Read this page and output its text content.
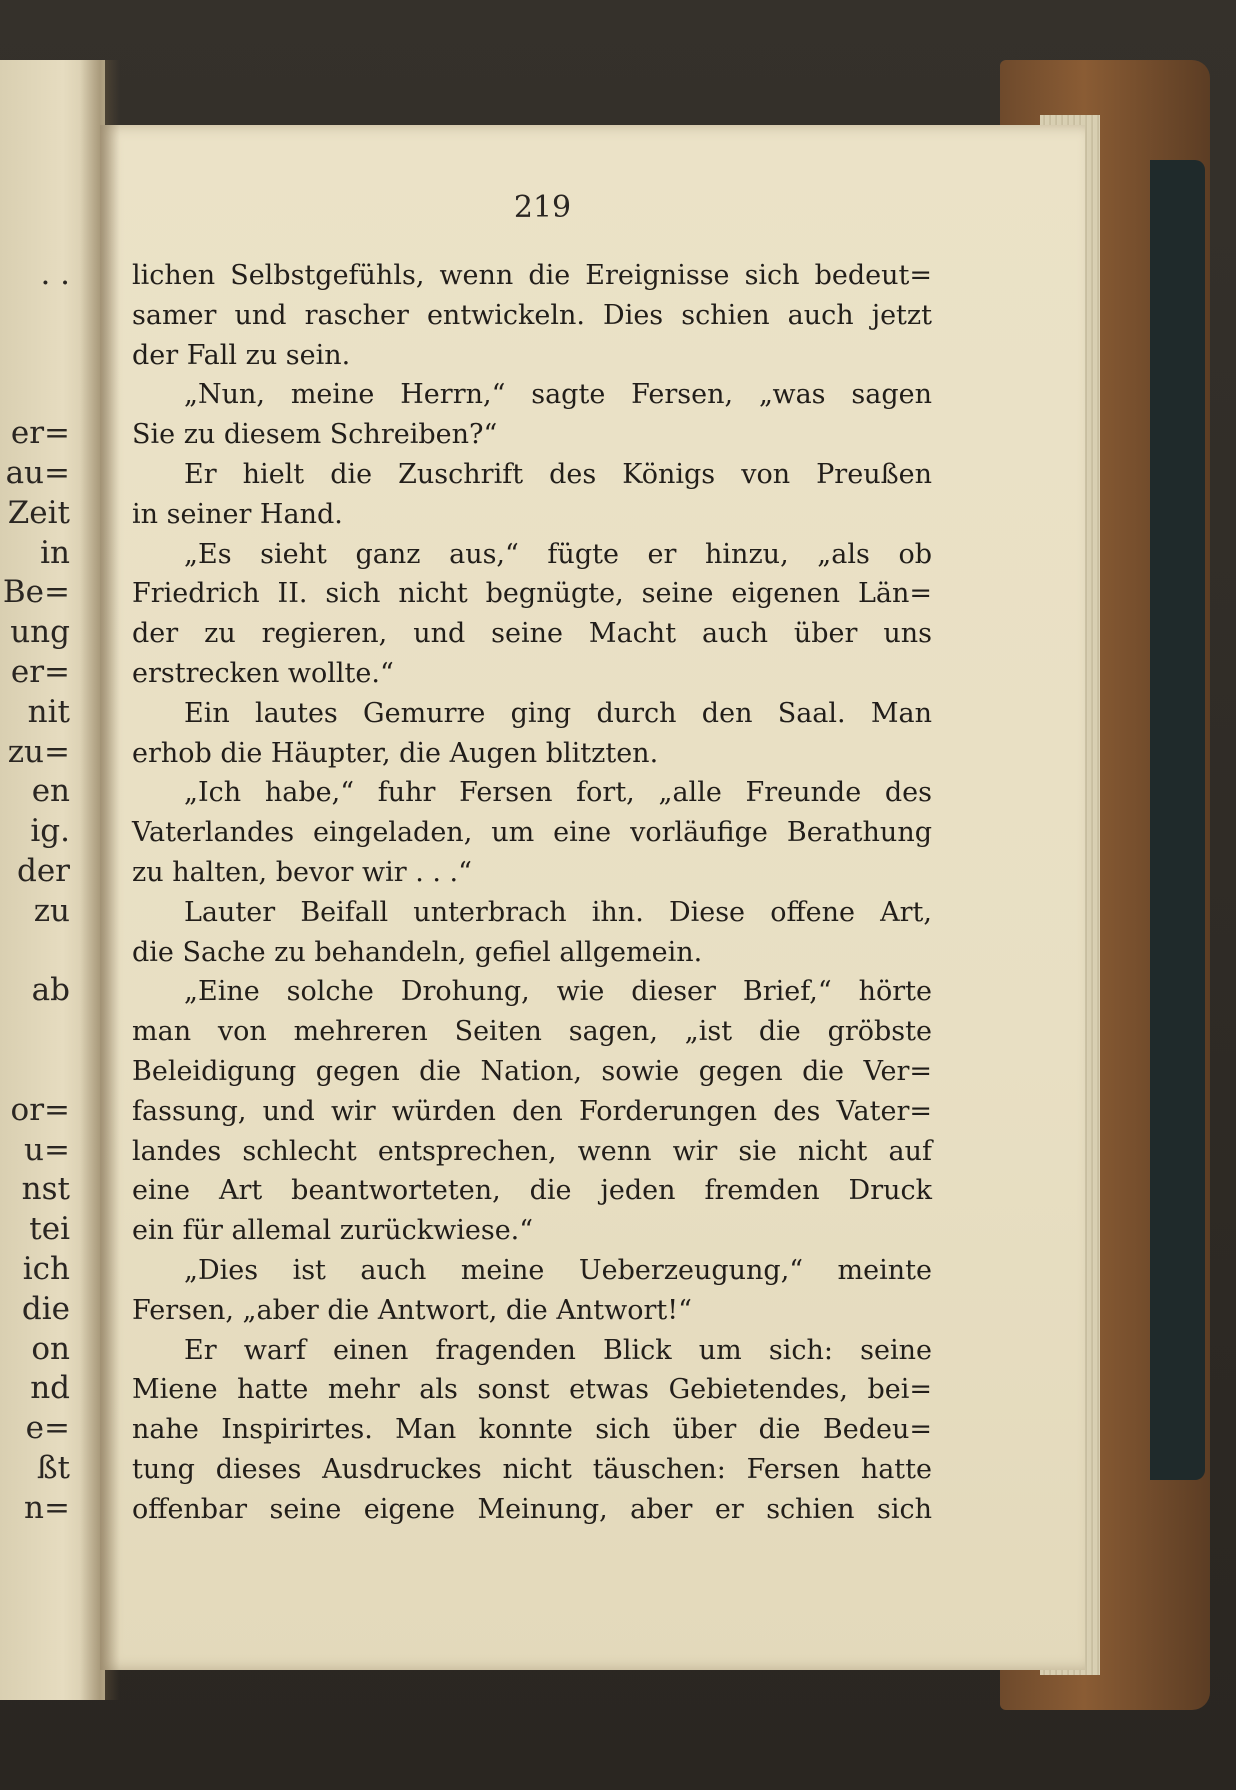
. .
er=
au=
Zeit
in
Be=
ung
er=
nit
zu=
en
ig.
der
zu
ab
or=
u=
nst
tei
ich
die
on
nd
e=
ßt
n=
219
lichen Selbstgefühls, wenn die Ereignisse sich bedeut=
samer und rascher entwickeln. Dies schien auch jetzt
der Fall zu sein.
„Nun, meine Herrn,“ sagte Fersen, „was sagen
Sie zu diesem Schreiben?“
Er hielt die Zuschrift des Königs von Preußen
in seiner Hand.
„Es sieht ganz aus,“ fügte er hinzu, „als ob
Friedrich II. sich nicht begnügte, seine eigenen Län=
der zu regieren, und seine Macht auch über uns
erstrecken wollte.“
Ein lautes Gemurre ging durch den Saal. Man
erhob die Häupter, die Augen blitzten.
„Ich habe,“ fuhr Fersen fort, „alle Freunde des
Vaterlandes eingeladen, um eine vorläufige Berathung
zu halten, bevor wir . . .“
Lauter Beifall unterbrach ihn. Diese offene Art,
die Sache zu behandeln, gefiel allgemein.
„Eine solche Drohung, wie dieser Brief,“ hörte
man von mehreren Seiten sagen, „ist die gröbste
Beleidigung gegen die Nation, sowie gegen die Ver=
fassung, und wir würden den Forderungen des Vater=
landes schlecht entsprechen, wenn wir sie nicht auf
eine Art beantworteten, die jeden fremden Druck
ein für allemal zurückwiese.“
„Dies ist auch meine Ueberzeugung,“ meinte
Fersen, „aber die Antwort, die Antwort!“
Er warf einen fragenden Blick um sich: seine
Miene hatte mehr als sonst etwas Gebietendes, bei=
nahe Inspirirtes. Man konnte sich über die Bedeu=
tung dieses Ausdruckes nicht täuschen: Fersen hatte
offenbar seine eigene Meinung, aber er schien sich
